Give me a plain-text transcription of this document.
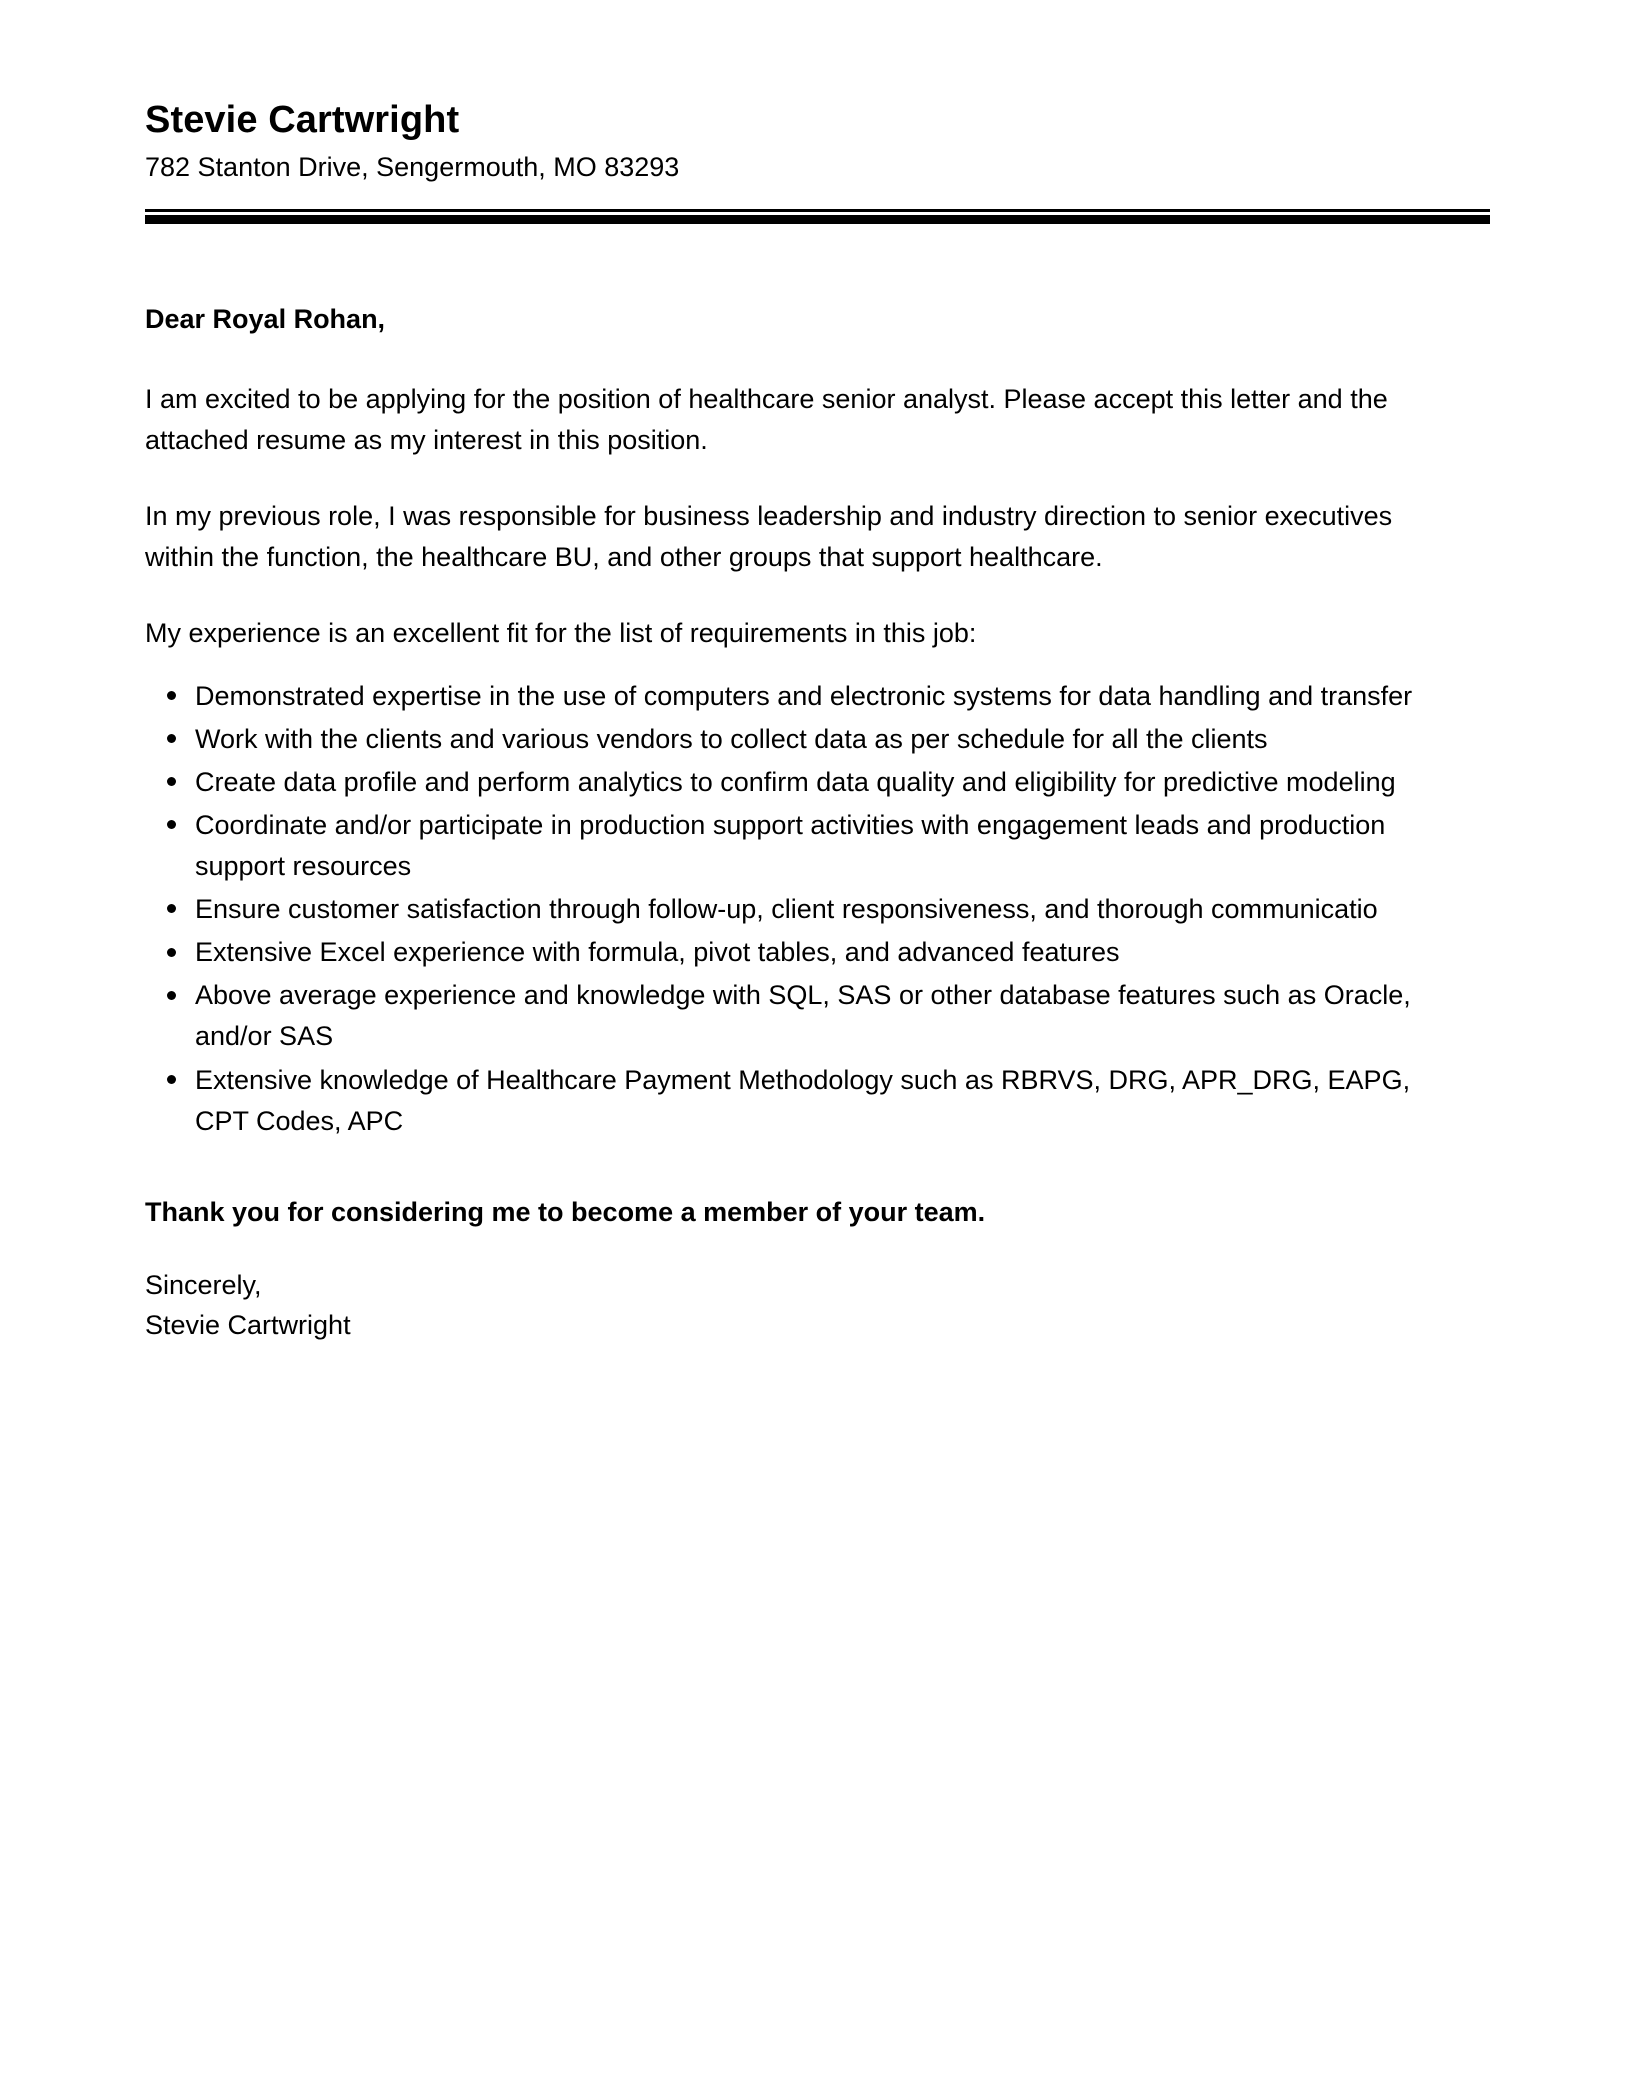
Stevie Cartwright
782 Stanton Drive, Sengermouth, MO 83293

Dear Royal Rohan,

I am excited to be applying for the position of healthcare senior analyst. Please accept this letter and the attached resume as my interest in this position.

In my previous role, I was responsible for business leadership and industry direction to senior executives within the function, the healthcare BU, and other groups that support healthcare.

My experience is an excellent fit for the list of requirements in this job:

Demonstrated expertise in the use of computers and electronic systems for data handling and transfer
Work with the clients and various vendors to collect data as per schedule for all the clients
Create data profile and perform analytics to confirm data quality and eligibility for predictive modeling
Coordinate and/or participate in production support activities with engagement leads and production support resources
Ensure customer satisfaction through follow-up, client responsiveness, and thorough communicatio
Extensive Excel experience with formula, pivot tables, and advanced features
Above average experience and knowledge with SQL, SAS or other database features such as Oracle, and/or SAS
Extensive knowledge of Healthcare Payment Methodology such as RBRVS, DRG, APR_DRG, EAPG, CPT Codes, APC

Thank you for considering me to become a member of your team.

Sincerely,

Stevie Cartwright
